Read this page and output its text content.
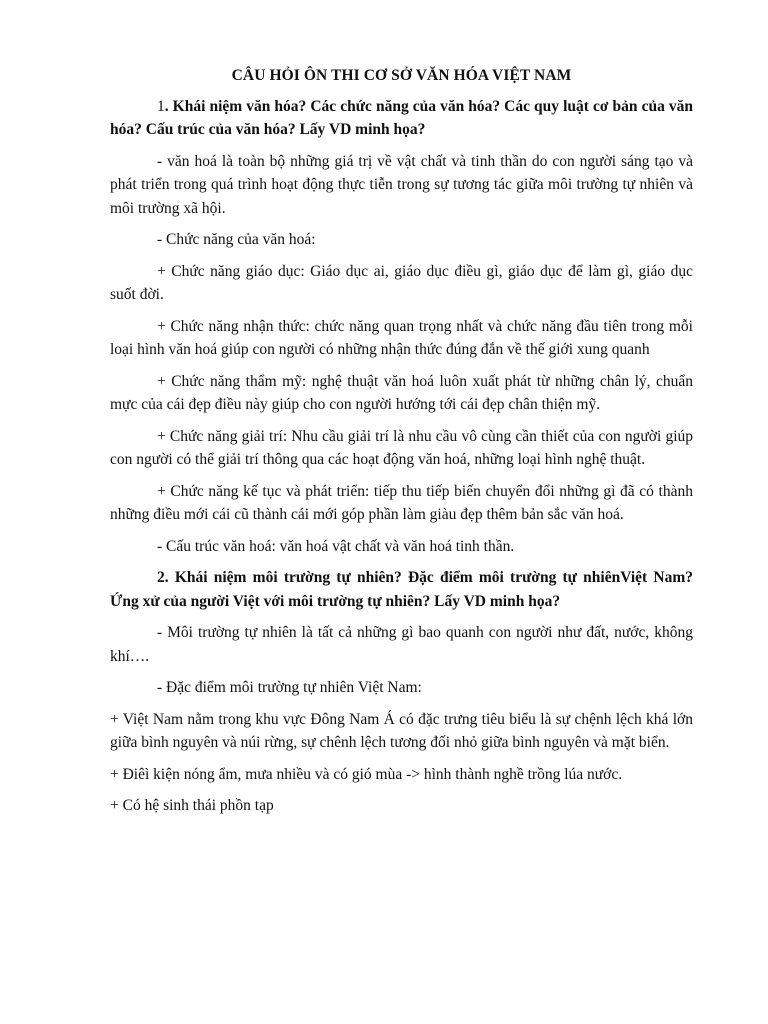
CÂU HỎI ÔN THI CƠ SỞ VĂN HÓA VIỆT NAM

1. Khái niệm văn hóa? Các chức năng của văn hóa? Các quy luật cơ bản của văn hóa? Cấu trúc của văn hóa? Lấy VD minh họa?

- văn hoá là toàn bộ những giá trị về vật chất và tinh thần do con người sáng tạo và phát triển trong quá trình hoạt động thực tiễn trong sự tương tác giữa môi trường tự nhiên và môi trường xã hội.

- Chức năng của văn hoá:

+ Chức năng giáo dục: Giáo dục ai, giáo dục điều gì, giáo dục để làm gì, giáo dục suốt đời.

+ Chức năng nhận thức: chức năng quan trọng nhất và chức năng đầu tiên trong mỗi loại hình văn hoá giúp con người có những nhận thức đúng đắn về thế giới xung quanh

+ Chức năng thẩm mỹ: nghệ thuật văn hoá luôn xuất phát từ những chân lý, chuẩn mực của cái đẹp điều này giúp cho con người hướng tới cái đẹp chân thiện mỹ.

+ Chức năng giải trí: Nhu cầu giải trí là nhu cầu vô cùng cần thiết của con người giúp con người có thể giải trí thông qua các hoạt động văn hoá, những loại hình nghệ thuật.

+ Chức năng kế tục và phát triển: tiếp thu tiếp biến chuyển đổi những gì đã có thành những điều mới cái cũ thành cái mới góp phần làm giàu đẹp thêm bản sắc văn hoá.

- Cấu trúc văn hoá: văn hoá vật chất và văn hoá tinh thần.

2. Khái niệm môi trường tự nhiên? Đặc điểm môi trường tự nhiênViệt Nam? Ứng xử của người Việt với môi trường tự nhiên? Lấy VD minh họa?

- Môi trường tự nhiên là tất cả những gì bao quanh con người như đất, nước, không khí….

- Đặc điểm môi trường tự nhiên Việt Nam:

+ Việt Nam nằm trong khu vực Đông Nam Á có đặc trưng tiêu biểu là sự chệnh lệch khá lớn giữa bình nguyên và núi rừng, sự chênh lệch tương đối nhỏ giữa bình nguyên và mặt biển.

+ Điêì kiện nóng ẩm, mưa nhiều và có gió mùa -> hình thành nghề trồng lúa nước.

+ Có hệ sinh thái phồn tạp
